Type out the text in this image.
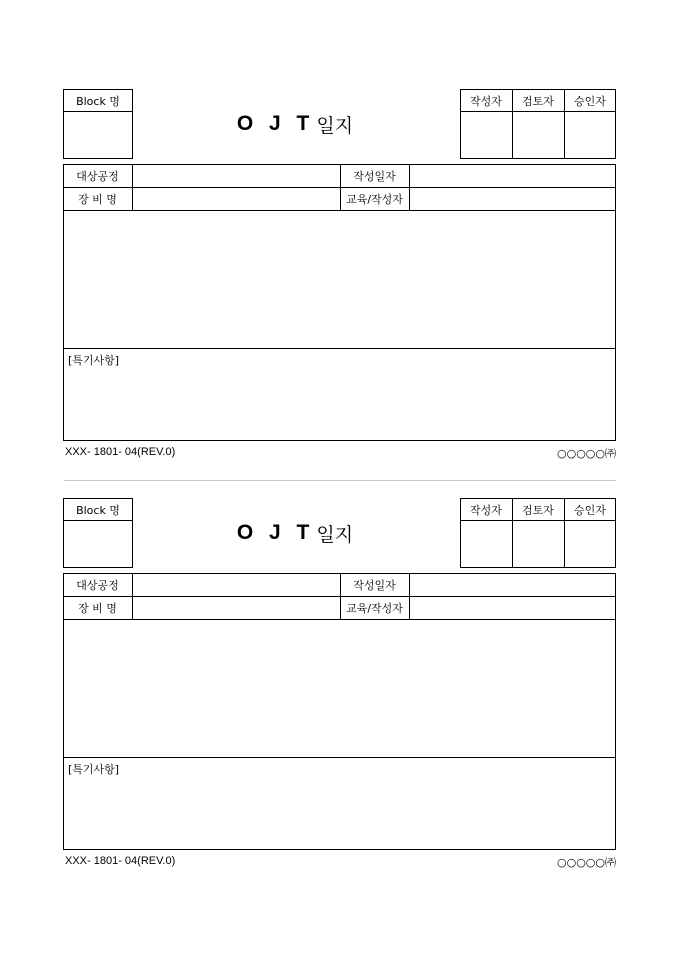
Block 명
O J T 일지
작성자	검토자	승인자
대상공정	작성일자
장 비 명	교육/작성자
[특기사항]
XXX- 1801- 04(REV.0)	○○○○○㈜
Block 명
O J T 일지
작성자	검토자	승인자
대상공정	작성일자
장 비 명	교육/작성자
[특기사항]
XXX- 1801- 04(REV.0)	○○○○○㈜
